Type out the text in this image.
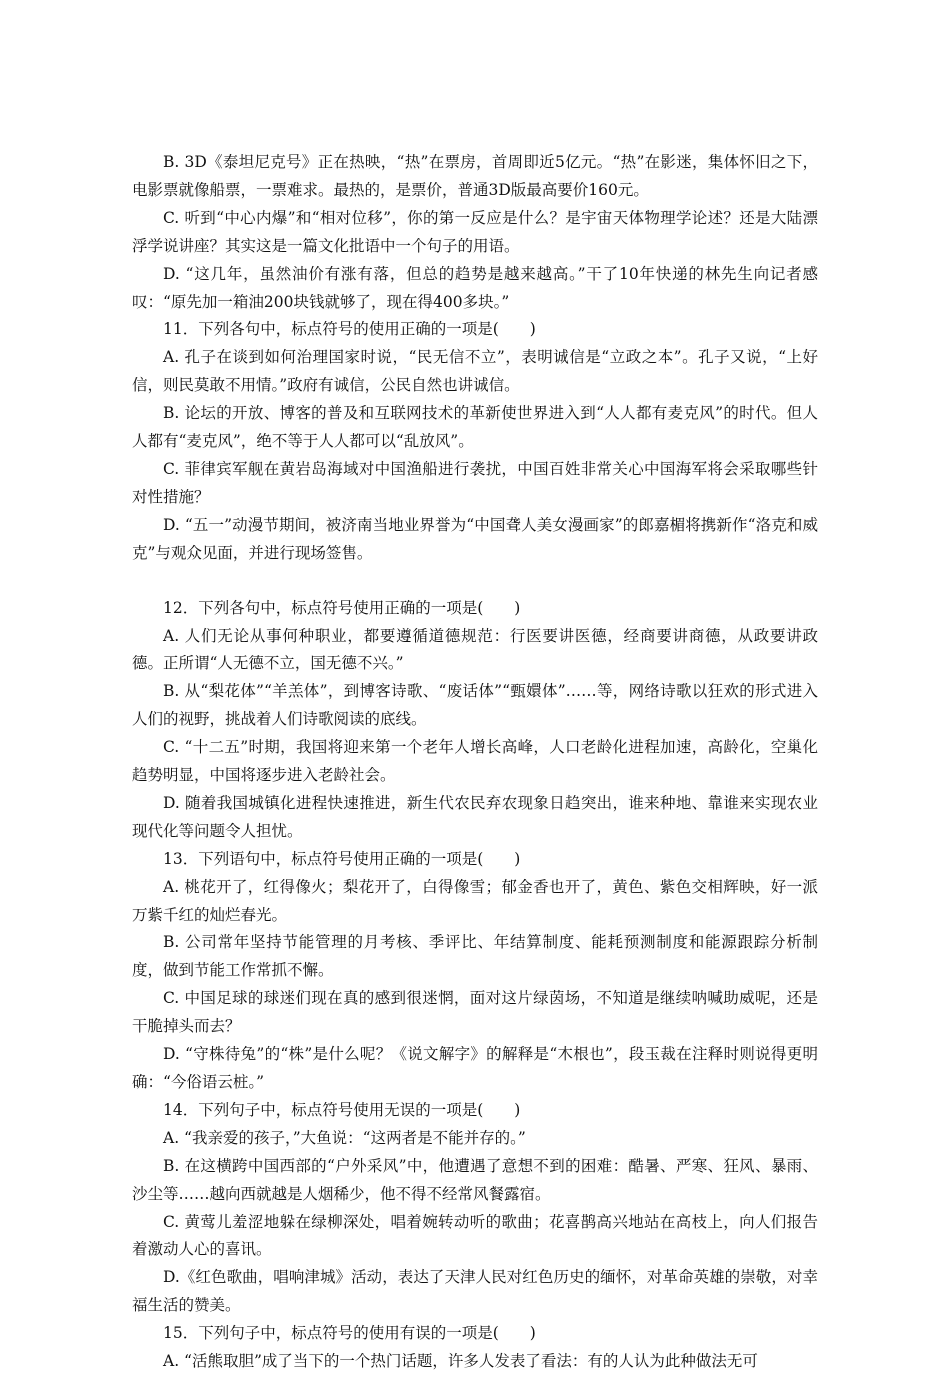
B. 3D《泰坦尼克号》正在热映，“热”在票房，首周即近5亿元。“热”在影迷，集体怀旧之下，电影票就像船票，一票难求。最热的，是票价，普通3D版最高要价160元。

C. 听到“中心内爆”和“相对位移”，你的第一反应是什么？是宇宙天体物理学论述？还是大陆漂浮学说讲座？其实这是一篇文化批语中一个句子的用语。

D. “这几年，虽然油价有涨有落，但总的趋势是越来越高。”干了10年快递的林先生向记者感叹：“原先加一箱油200块钱就够了，现在得400多块。”

11．下列各句中，标点符号的使用正确的一项是(　　)

A. 孔子在谈到如何治理国家时说，“民无信不立”，表明诚信是“立政之本”。孔子又说，“上好信，则民莫敢不用情。”政府有诚信，公民自然也讲诚信。

B. 论坛的开放、博客的普及和互联网技术的革新使世界进入到“人人都有麦克风”的时代。但人人都有“麦克风”，绝不等于人人都可以“乱放风”。

C. 菲律宾军舰在黄岩岛海域对中国渔船进行袭扰，中国百姓非常关心中国海军将会采取哪些针对性措施？

D. “五一”动漫节期间，被济南当地业界誉为“中国聋人美女漫画家”的郎嘉楣将携新作“洛克和威克”与观众见面，并进行现场签售。

12．下列各句中，标点符号使用正确的一项是(　　)

A. 人们无论从事何种职业，都要遵循道德规范：行医要讲医德，经商要讲商德，从政要讲政德。正所谓“人无德不立，国无德不兴。”

B. 从“梨花体”“羊羔体”，到博客诗歌、“废话体”“甄嬛体”……等，网络诗歌以狂欢的形式进入人们的视野，挑战着人们诗歌阅读的底线。

C. “十二五”时期，我国将迎来第一个老年人增长高峰，人口老龄化进程加速，高龄化，空巢化趋势明显，中国将逐步进入老龄社会。

D. 随着我国城镇化进程快速推进，新生代农民弃农现象日趋突出，谁来种地、靠谁来实现农业现代化等问题令人担忧。

13．下列语句中，标点符号使用正确的一项是(　　)

A. 桃花开了，红得像火；梨花开了，白得像雪；郁金香也开了，黄色、紫色交相辉映，好一派万紫千红的灿烂春光。

B. 公司常年坚持节能管理的月考核、季评比、年结算制度、能耗预测制度和能源跟踪分析制度，做到节能工作常抓不懈。

C. 中国足球的球迷们现在真的感到很迷惘，面对这片绿茵场，不知道是继续呐喊助威呢，还是干脆掉头而去？

D. “守株待兔”的“株”是什么呢？《说文解字》的解释是“木根也”，段玉裁在注释时则说得更明确：“今俗语云桩。”

14．下列句子中，标点符号使用无误的一项是(　　)

A. “我亲爱的孩子，”大鱼说：“这两者是不能并存的。”

B. 在这横跨中国西部的“户外采风”中，他遭遇了意想不到的困难：酷暑、严寒、狂风、暴雨、沙尘等……越向西就越是人烟稀少，他不得不经常风餐露宿。

C. 黄莺儿羞涩地躲在绿柳深处，唱着婉转动听的歌曲；花喜鹊高兴地站在高枝上，向人们报告着激动人心的喜讯。

D.《红色歌曲，唱响津城》活动，表达了天津人民对红色历史的缅怀，对革命英雄的崇敬，对幸福生活的赞美。

15．下列句子中，标点符号的使用有误的一项是(　　)

A. “活熊取胆”成了当下的一个热门话题，许多人发表了看法：有的人认为此种做法无可
